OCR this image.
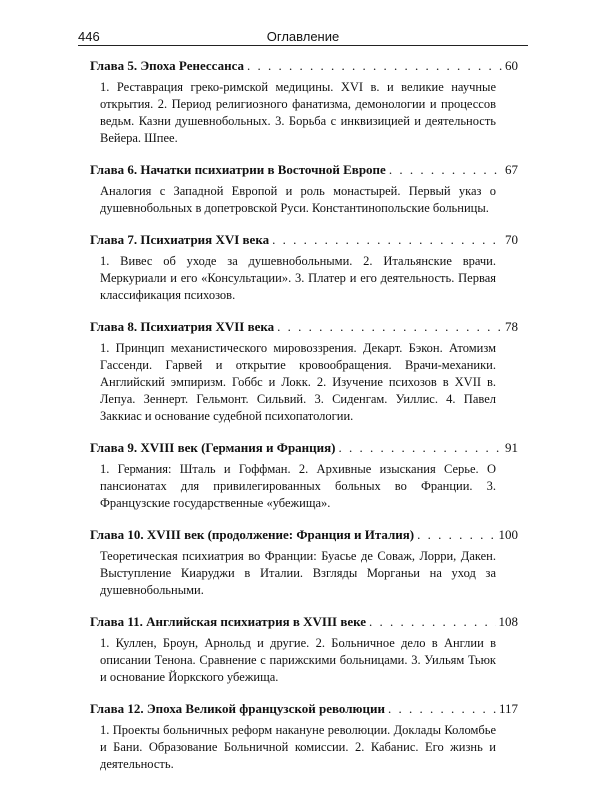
446	Оглавление
Глава 5. Эпоха Ренессанса . . .	60
1. Реставрация греко-римской медицины. XVI в. и великие научные открытия. 2. Период религиозного фанатизма, демонологии и процессов ведьм. Казни душевнобольных. 3. Борьба с инквизицией и деятельность Вейера. Шпее.
Глава 6. Начатки психиатрии в Восточной Европе . . .	67
Аналогия с Западной Европой и роль монастырей. Первый указ о душевнобольных в допетровской Руси. Константинопольские больницы.
Глава 7. Психиатрия XVI века . . .	70
1. Вивес об уходе за душевнобольными. 2. Итальянские врачи. Меркуриали и его «Консультации». 3. Платер и его деятельность. Первая классификация психозов.
Глава 8. Психиатрия XVII века . . .	78
1. Принцип механистического мировоззрения. Декарт. Бэкон. Атомизм Гассенди. Гарвей и открытие кровообращения. Врачи-механики. Английский эмпиризм. Гоббс и Локк. 2. Изучение психозов в XVII в. Лепуа. Зеннерт. Гельмонт. Сильвий. 3. Сиденгам. Уиллис. 4. Павел Заккиас и основание судебной психопатологии.
Глава 9. XVIII век (Германия и Франция) . . .	91
1. Германия: Шталь и Гоффман. 2. Архивные изыскания Серье. О пансионатах для привилегированных больных во Франции. 3. Французские государственные «убежища».
Глава 10. XVIII век (продолжение: Франция и Италия) . . .	100
Теоретическая психиатрия во Франции: Буасье де Соваж, Лорри, Дакен. Выступление Киаруджи в Италии. Взгляды Морганьи на уход за душевнобольными.
Глава 11. Английская психиатрия в XVIII веке . . .	108
1. Куллен, Броун, Арнольд и другие. 2. Больничное дело в Англии в описании Тенона. Сравнение с парижскими больницами. 3. Уильям Тьюк и основание Йоркского убежища.
Глава 12. Эпоха Великой французской революции . . .	117
1. Проекты больничных реформ накануне революции. Доклады Коломбье и Бани. Образование Больничной комиссии. 2. Кабанис. Его жизнь и деятельность.
